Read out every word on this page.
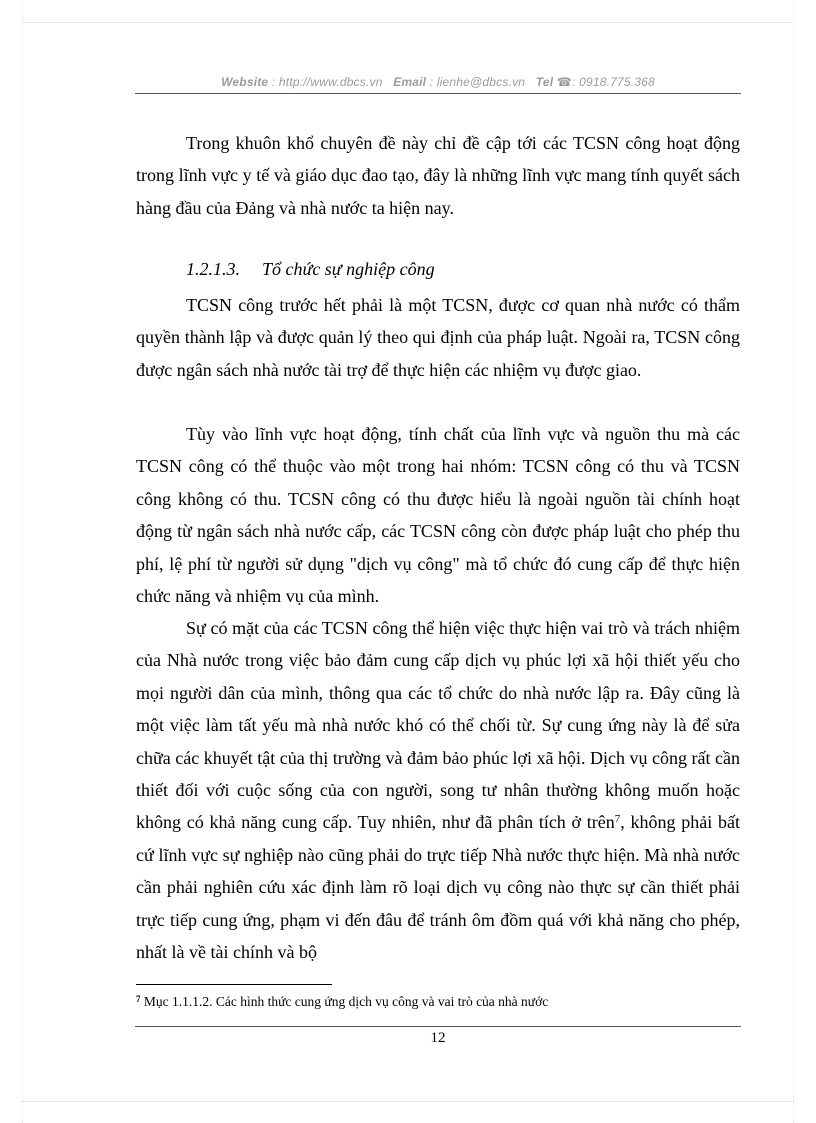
Website : http://www.dbcs.vn Email : lienhe@dbcs.vn Tel ☎: 0918.775.368

Trong khuôn khổ chuyên đề này chỉ đề cập tới các TCSN công hoạt động trong lĩnh vực y tế và giáo dục đao tạo, đây là những lĩnh vực mang tính quyết sách hàng đầu của Đảng và nhà nước ta hiện nay.

1.2.1.3. Tổ chức sự nghiệp công

TCSN công trước hết phải là một TCSN, được cơ quan nhà nước có thẩm quyền thành lập và được quản lý theo qui định của pháp luật. Ngoài ra, TCSN công được ngân sách nhà nước tài trợ để thực hiện các nhiệm vụ được giao.

Tùy vào lĩnh vực hoạt động, tính chất của lĩnh vực và nguồn thu mà các TCSN công có thể thuộc vào một trong hai nhóm: TCSN công có thu và TCSN công không có thu. TCSN công có thu được hiểu là ngoài nguồn tài chính hoạt động từ ngân sách nhà nước cấp, các TCSN công còn được pháp luật cho phép thu phí, lệ phí từ người sử dụng "dịch vụ công" mà tổ chức đó cung cấp để thực hiện chức năng và nhiệm vụ của mình.

Sự có mặt của các TCSN công thể hiện việc thực hiện vai trò và trách nhiệm của Nhà nước trong việc bảo đảm cung cấp dịch vụ phúc lợi xã hội thiết yếu cho mọi người dân của mình, thông qua các tổ chức do nhà nước lập ra. Đây cũng là một việc làm tất yếu mà nhà nước khó có thể chối từ. Sự cung ứng này là để sửa chữa các khuyết tật của thị trường và đảm bảo phúc lợi xã hội. Dịch vụ công rất cần thiết đối với cuộc sống của con người, song tư nhân thường không muốn hoặc không có khả năng cung cấp. Tuy nhiên, như đã phân tích ở trên$^7$, không phải bất cứ lĩnh vực sự nghiệp nào cũng phải do trực tiếp Nhà nước thực hiện. Mà nhà nước cần phải nghiên cứu xác định làm rõ loại dịch vụ công nào thực sự cần thiết phải trực tiếp cung ứng, phạm vi đến đâu để tránh ôm đồm quá với khả năng cho phép, nhất là về tài chính và bộ

$^7$ Mục 1.1.1.2. Các hình thức cung ứng dịch vụ công và vai trò của nhà nước

12
